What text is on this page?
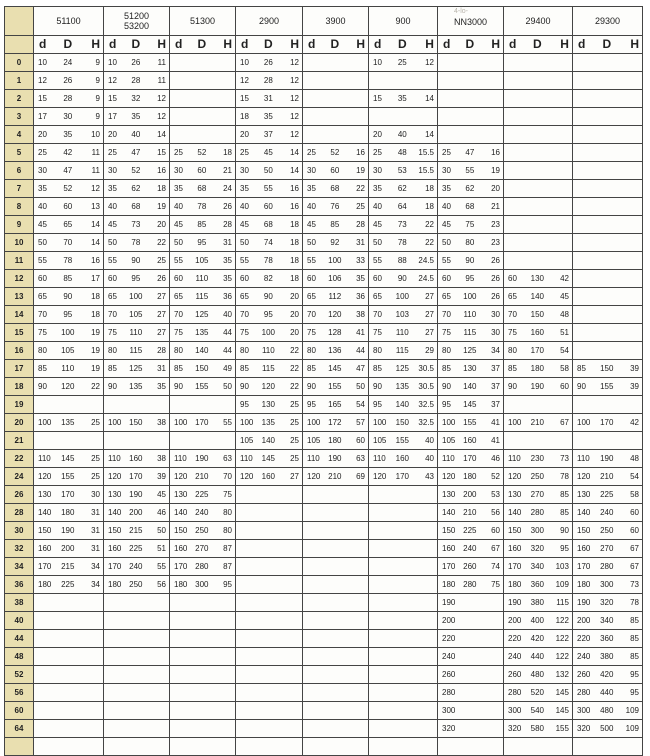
	51100	51200
53200	51300	2900	3900	900	4-lo-
NN3000	29400	29300

	d D H	d D H	d D H	d D H	d D H	d D H	d D H	d D H	d D H

0	10 24 9	10 26 11		10 26 12		10 25 12			

1	12 26 9	12 28 11		12 28 12					

2	15 28 9	15 32 12		15 31 12		15 35 14			

3	17 30 9	17 35 12		18 35 12					

4	20 35 10	20 40 14		20 37 12		20 40 14			

5	25 42 11	25 47 15	25 52 18	25 45 14	25 52 16	25 48 15.5	25 47 16		

6	30 47 11	30 52 16	30 60 21	30 50 14	30 60 19	30 53 15.5	30 55 19		

7	35 52 12	35 62 18	35 68 24	35 55 16	35 68 22	35 62 18	35 62 20		

8	40 60 13	40 68 19	40 78 26	40 60 16	40 76 25	40 64 18	40 68 21		

9	45 65 14	45 73 20	45 85 28	45 68 18	45 85 28	45 73 22	45 75 23		

10	50 70 14	50 78 22	50 95 31	50 74 18	50 92 31	50 78 22	50 80 23		

11	55 78 16	55 90 25	55 105 35	55 78 18	55 100 33	55 88 24.5	55 90 26		

12	60 85 17	60 95 26	60 110 35	60 82 18	60 106 35	60 90 24.5	60 95 26	60 130 42	

13	65 90 18	65 100 27	65 115 36	65 90 20	65 112 36	65 100 27	65 100 26	65 140 45	

14	70 95 18	70 105 27	70 125 40	70 95 20	70 120 38	70 103 27	70 110 30	70 150 48	

15	75 100 19	75 110 27	75 135 44	75 100 20	75 128 41	75 110 27	75 115 30	75 160 51	

16	80 105 19	80 115 28	80 140 44	80 110 22	80 136 44	80 115 29	80 125 34	80 170 54	

17	85 110 19	85 125 31	85 150 49	85 115 22	85 145 47	85 125 30.5	85 130 37	85 180 58	85 150 39

18	90 120 22	90 135 35	90 155 50	90 120 22	90 155 50	90 135 30.5	90 140 37	90 190 60	90 155 39

19				95 130 25	95 165 54	95 140 32.5	95 145 37		

20	100 135 25	100 150 38	100 170 55	100 135 25	100 172 57	100 150 32.5	100 155 41	100 210 67	100 170 42

21				105 140 25	105 180 60	105 155 40	105 160 41		

22	110 145 25	110 160 38	110 190 63	110 145 25	110 190 63	110 160 40	110 170 46	110 230 73	110 190 48

24	120 155 25	120 170 39	120 210 70	120 160 27	120 210 69	120 170 43	120 180 52	120 250 78	120 210 54

26	130 170 30	130 190 45	130 225 75				130 200 53	130 270 85	130 225 58

28	140 180 31	140 200 46	140 240 80				140 210 56	140 280 85	140 240 60

30	150 190 31	150 215 50	150 250 80				150 225 60	150 300 90	150 250 60

32	160 200 31	160 225 51	160 270 87				160 240 67	160 320 95	160 270 67

34	170 215 34	170 240 55	170 280 87				170 260 74	170 340 103	170 280 67

36	180 225 34	180 250 56	180 300 95				180 280 75	180 360 109	180 300 73

38							190	190 380 115	190 320 78

40							200	200 400 122	200 340 85

44							220	220 420 122	220 360 85

48							240	240 440 122	240 380 85

52							260	260 480 132	260 420 95

56							280	280 520 145	280 440 95

60							300	300 540 145	300 480 109

64							320	320 580 155	320 500 109
